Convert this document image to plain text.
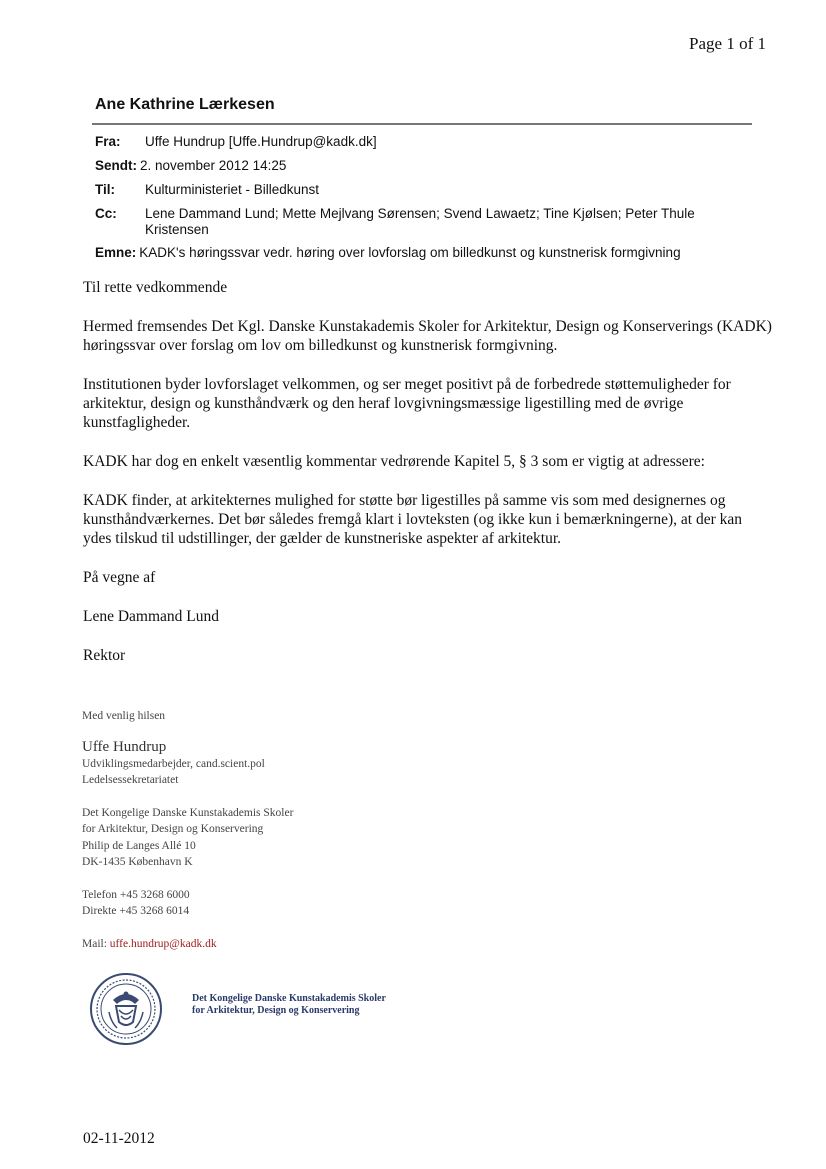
Page 1 of 1
Ane Kathrine Lærkesen
Fra:	Uffe Hundrup [Uffe.Hundrup@kadk.dk]
Sendt: 2. november 2012 14:25
Til:	Kulturministeriet - Billedkunst
Cc:	Lene Dammand Lund; Mette Mejlvang Sørensen; Svend Lawaetz; Tine Kjølsen; Peter Thule Kristensen
Emne: KADK's høringssvar vedr. høring over lovforslag om billedkunst og kunstnerisk formgivning

Til rette vedkommende

Hermed fremsendes Det Kgl. Danske Kunstakademis Skoler for Arkitektur, Design og Konserverings (KADK) høringssvar over forslag om lov om billedkunst og kunstnerisk formgivning.

Institutionen byder lovforslaget velkommen, og ser meget positivt på de forbedrede støttemuligheder for arkitektur, design og kunsthåndværk og den heraf lovgivningsmæssige ligestilling med de øvrige kunstfagligheder.

KADK har dog en enkelt væsentlig kommentar vedrørende Kapitel 5, § 3 som er vigtig at adressere:

KADK finder, at arkitekternes mulighed for støtte bør ligestilles på samme vis som med designernes og kunsthåndværkernes. Det bør således fremgå klart i lovteksten (og ikke kun i bemærkningerne), at der kan ydes tilskud til udstillinger, der gælder de kunstneriske aspekter af arkitektur.

På vegne af

Lene Dammand Lund

Rektor

Med venlig hilsen
Uffe Hundrup
Udviklingsmedarbejder, cand.scient.pol
Ledelsessekretariatet
Det Kongelige Danske Kunstakademis Skoler
for Arkitektur, Design og Konservering
Philip de Langes Allé 10
DK-1435 København K
Telefon +45 3268 6000
Direkte +45 3268 6014
Mail: uffe.hundrup@kadk.dk
Det Kongelige Danske Kunstakademis Skoler
for Arkitektur, Design og Konservering
02-11-2012
